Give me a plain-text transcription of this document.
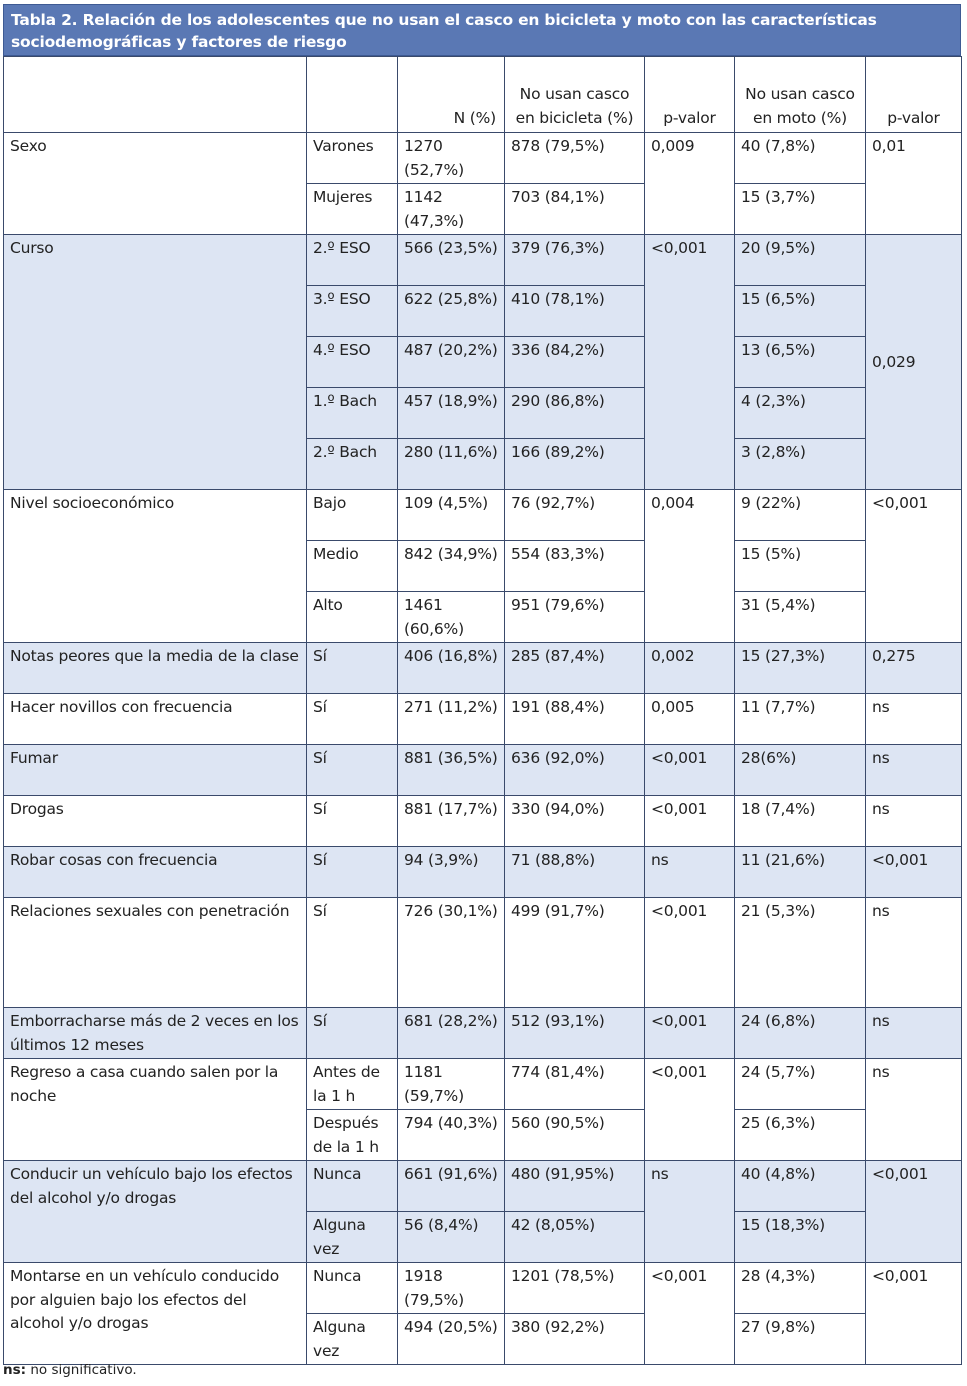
Tabla 2. Relación de los adolescentes que no usan el casco en bicicleta y moto con las características sociodemográficas y factores de riesgo
		N (%)	No usan casco en bicicleta (%)	p-valor	No usan casco en moto (%)	p-valor
Sexo	Varones	1270 (52,7%)	878 (79,5%)	0,009	40 (7,8%)	0,01
	Mujeres	1142 (47,3%)	703 (84,1%)		15 (3,7%)	
Curso	2.º ESO	566 (23,5%)	379 (76,3%)	<0,001	20 (9,5%)	0,029
	3.º ESO	622 (25,8%)	410 (78,1%)		15 (6,5%)	
	4.º ESO	487 (20,2%)	336 (84,2%)		13 (6,5%)	
	1.º Bach	457 (18,9%)	290 (86,8%)		4 (2,3%)	
	2.º Bach	280 (11,6%)	166 (89,2%)		3 (2,8%)	
Nivel socioeconómico	Bajo	109 (4,5%)	76 (92,7%)	0,004	9 (22%)	<0,001
	Medio	842 (34,9%)	554 (83,3%)		15 (5%)	
	Alto	1461 (60,6%)	951 (79,6%)		31 (5,4%)	
Notas peores que la media de la clase	Sí	406 (16,8%)	285 (87,4%)	0,002	15 (27,3%)	0,275
Hacer novillos con frecuencia	Sí	271 (11,2%)	191 (88,4%)	0,005	11 (7,7%)	ns
Fumar	Sí	881 (36,5%)	636 (92,0%)	<0,001	28(6%)	ns
Drogas	Sí	881 (17,7%)	330 (94,0%)	<0,001	18 (7,4%)	ns
Robar cosas con frecuencia	Sí	94 (3,9%)	71 (88,8%)	ns	11 (21,6%)	<0,001
Relaciones sexuales con penetración	Sí	726 (30,1%)	499 (91,7%)	<0,001	21 (5,3%)	ns
Emborracharse más de 2 veces en los últimos 12 meses	Sí	681 (28,2%)	512 (93,1%)	<0,001	24 (6,8%)	ns
Regreso a casa cuando salen por la noche	Antes de la 1 h	1181 (59,7%)	774 (81,4%)	<0,001	24 (5,7%)	ns
	Después de la 1 h	794 (40,3%)	560 (90,5%)		25 (6,3%)	
Conducir un vehículo bajo los efectos del alcohol y/o drogas	Nunca	661 (91,6%)	480 (91,95%)	ns	40 (4,8%)	<0,001
	Alguna vez	56 (8,4%)	42 (8,05%)		15 (18,3%)	
Montarse en un vehículo conducido por alguien bajo los efectos del alcohol y/o drogas	Nunca	1918 (79,5%)	1201 (78,5%)	<0,001	28 (4,3%)	<0,001
	Alguna vez	494 (20,5%)	380 (92,2%)		27 (9,8%)	
ns: no significativo.
